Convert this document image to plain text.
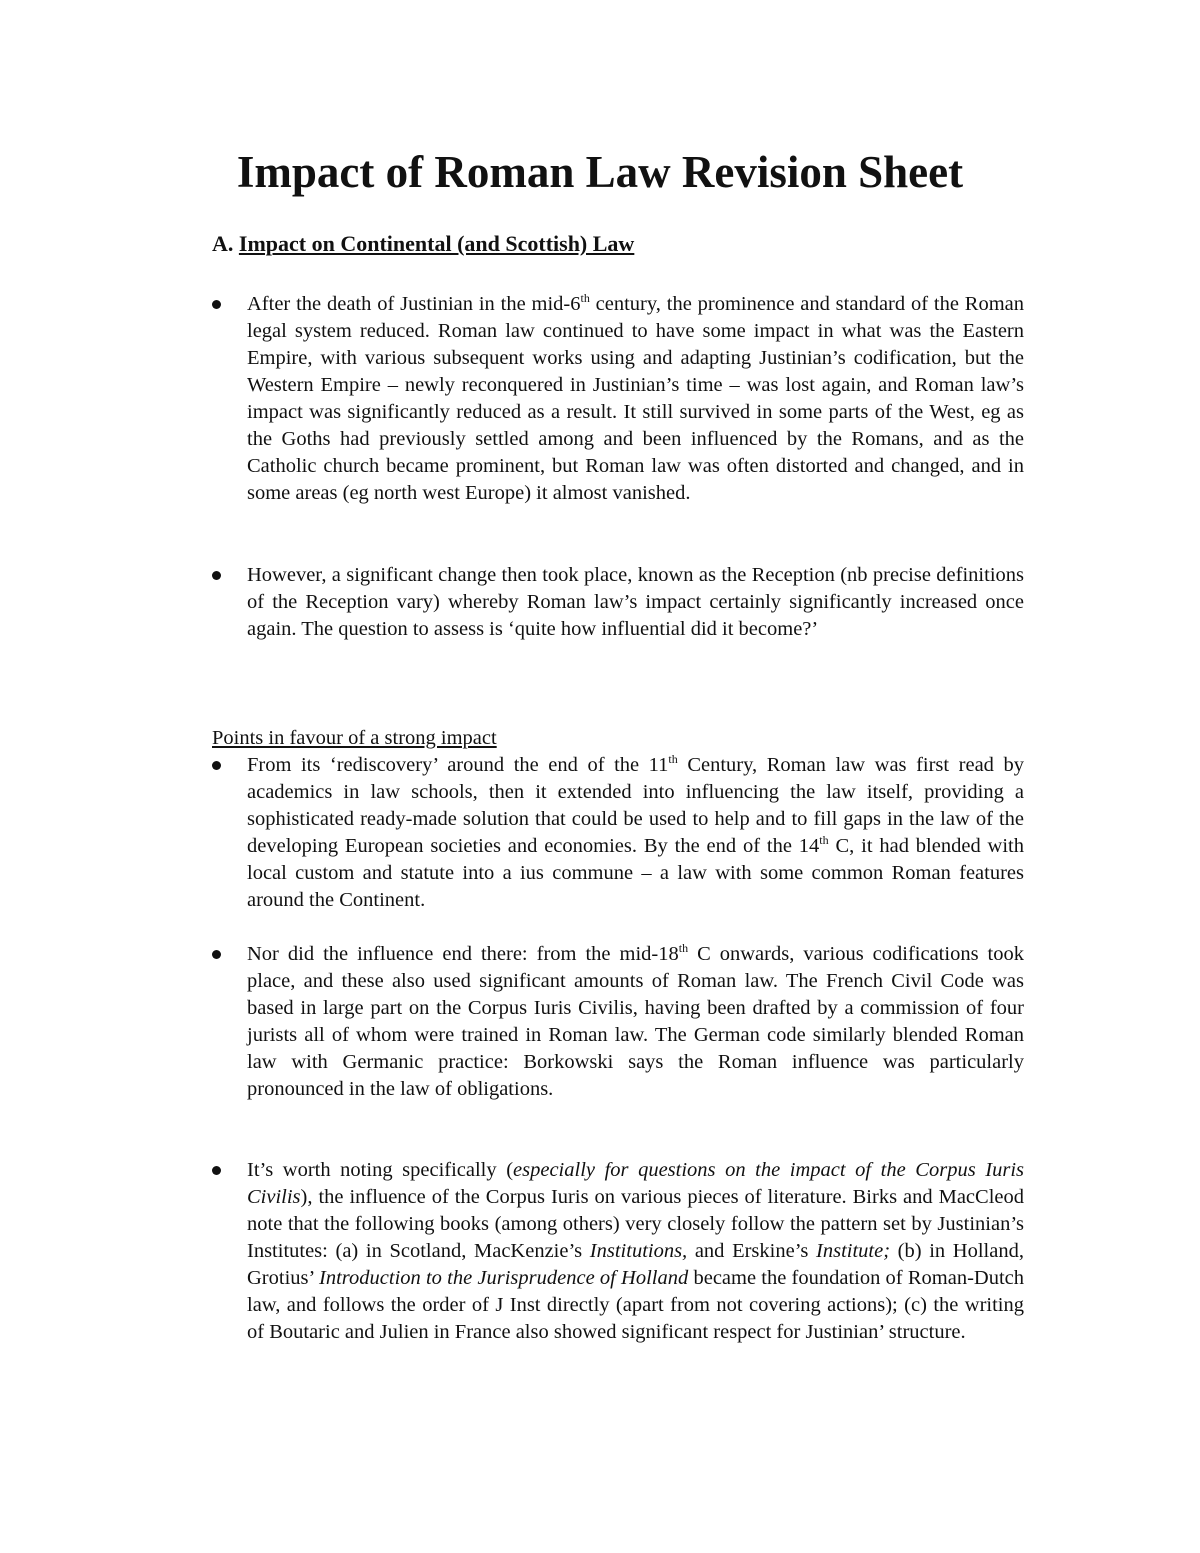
Impact of Roman Law Revision Sheet
A. Impact on Continental (and Scottish) Law

After the death of Justinian in the mid-6th century, the prominence and standard of the Roman legal system reduced. Roman law continued to have some impact in what was the Eastern Empire, with various subsequent works using and adapting Justinian’s codification, but the Western Empire – newly reconquered in Justinian’s time – was lost again, and Roman law’s impact was significantly reduced as a result. It still survived in some parts of the West, eg as the Goths had previously settled among and been influenced by the Romans, and as the Catholic church became prominent, but Roman law was often distorted and changed, and in some areas (eg north west Europe) it almost vanished.

However, a significant change then took place, known as the Reception (nb precise definitions of the Reception vary) whereby Roman law’s impact certainly significantly increased once again. The question to assess is ‘quite how influential did it become?’

Points in favour of a strong impact

From its ‘rediscovery’ around the end of the 11th Century, Roman law was first read by academics in law schools, then it extended into influencing the law itself, providing a sophisticated ready-made solution that could be used to help and to fill gaps in the law of the developing European societies and economies. By the end of the 14th C, it had blended with local custom and statute into a ius commune – a law with some common Roman features around the Continent.

Nor did the influence end there: from the mid-18th C onwards, various codifications took place, and these also used significant amounts of Roman law. The French Civil Code was based in large part on the Corpus Iuris Civilis, having been drafted by a commission of four jurists all of whom were trained in Roman law. The German code similarly blended Roman law with Germanic practice: Borkowski says the Roman influence was particularly pronounced in the law of obligations.

It’s worth noting specifically (especially for questions on the impact of the Corpus Iuris Civilis), the influence of the Corpus Iuris on various pieces of literature. Birks and MacCleod note that the following books (among others) very closely follow the pattern set by Justinian’s Institutes: (a) in Scotland, MacKenzie’s Institutions, and Erskine’s Institute; (b) in Holland, Grotius’ Introduction to the Jurisprudence of Holland became the foundation of Roman-Dutch law, and follows the order of J Inst directly (apart from not covering actions); (c) the writing of Boutaric and Julien in France also showed significant respect for Justinian’ structure.
